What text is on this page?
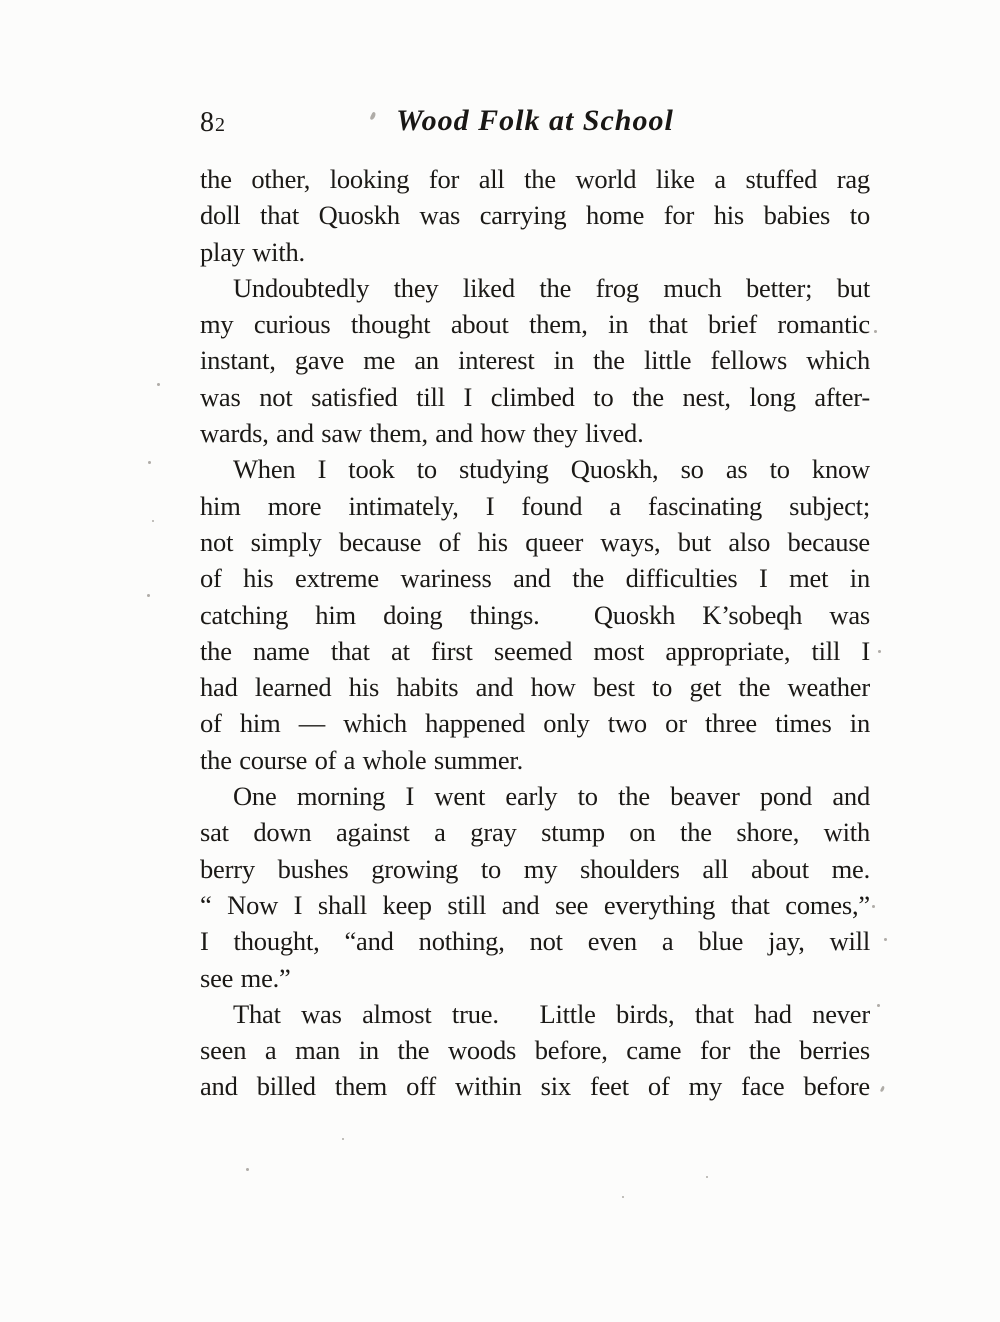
82	Wood Folk at School
the other, looking for all the world like a stuffed rag
doll that Quoskh was carrying home for his babies to
play with.
Undoubtedly they liked the frog much better; but
my curious thought about them, in that brief romantic
instant, gave me an interest in the little fellows which
was not satisfied till I climbed to the nest, long after-
wards, and saw them, and how they lived.
When I took to studying Quoskh, so as to know
him more intimately, I found a fascinating subject;
not simply because of his queer ways, but also because
of his extreme wariness and the difficulties I met in
catching him doing things.  Quoskh K’sobeqh was
the name that at first seemed most appropriate, till I
had learned his habits and how best to get the weather
of him — which happened only two or three times in
the course of a whole summer.
One morning I went early to the beaver pond and
sat down against a gray stump on the shore, with
berry bushes growing to my shoulders all about me.
“ Now I shall keep still and see everything that comes,”
I thought, “and nothing, not even a blue jay, will
see me.”
That was almost true.  Little birds, that had never
seen a man in the woods before, came for the berries
and billed them off within six feet of my face before
